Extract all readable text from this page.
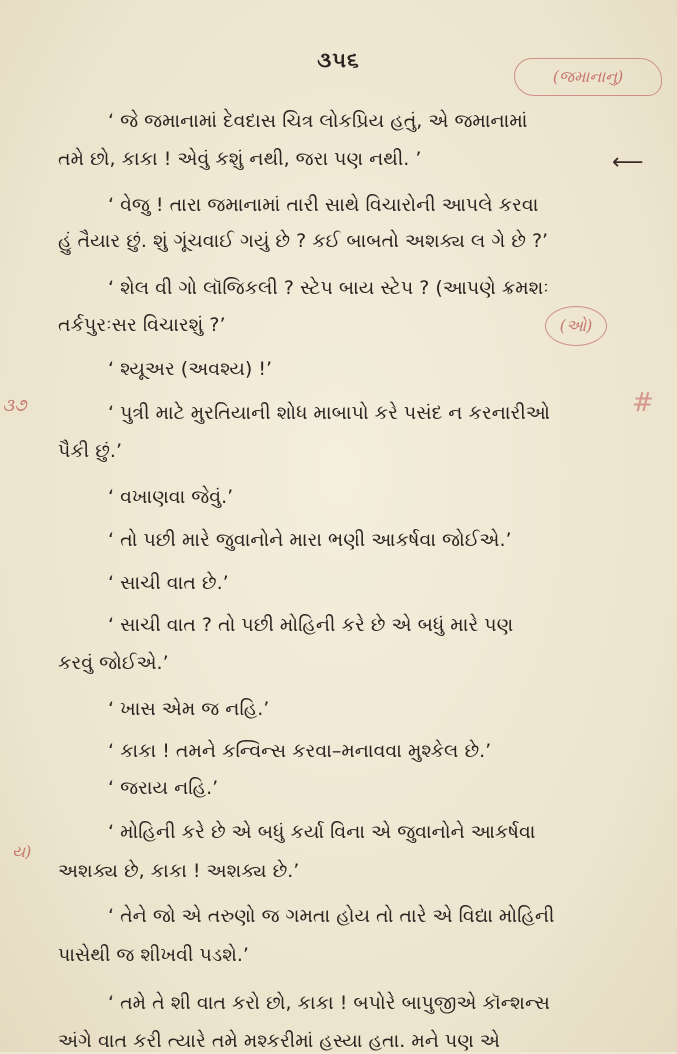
૩૫૬
(જમાનાનુ)
(ઓ)
#
૩૭
ય)
⟵
‘ જે જમાનામાં દેવદાસ ચિત્ર લોકપ્રિય હતું, એ જમાનામાં
તમે છો, કાકા ! એવું કશું નથી, જરા પણ નથી. ’
‘ વેજુ ! તારા જમાનામાં તારી સાથે વિચારોની આપલે કરવા
હું તૈયાર છું. શું ગૂંચવાઈ ગયું છે ? કઈ બાબતો અશક્ય લ ગે છે ?’
‘ શેલ વી ગો લૉજિકલી ? સ્ટેપ બાય સ્ટેપ ? (આપણે ક્રમશઃ
તર્કપુરઃસર વિચારશું ?’
‘ શ્યૂઅર (અવશ્ય) !’
‘ પુત્રી માટે મુરતિયાની શોધ માબાપો કરે પસંદ ન કરનારીઓ
પૈકી છું.’
‘ વખાણવા જેવું.’
‘ તો પછી મારે જુવાનોને મારા ભણી આકર્ષવા જોઈએ.’
‘ સાચી વાત છે.’
‘ સાચી વાત ? તો પછી મોહિની કરે છે એ બધું મારે પણ
કરવું જોઈએ.’
‘ ખાસ એમ જ નહિ.’
‘ કાકા ! તમને કન્વિન્સ કરવા–મનાવવા મુશ્કેલ છે.’
‘ જરાય નહિ.’
‘ મોહિની કરે છે એ બધું કર્યા વિના એ જુવાનોને આકર્ષવા
અશક્ય છે, કાકા ! અશક્ય છે.’
‘ તેને જો એ તરુણો જ ગમતા હોય તો તારે એ વિદ્યા મોહિની
પાસેથી જ શીખવી પડશે.’
‘ તમે તે શી વાત કરો છો, કાકા ! બપોરે બાપુજીએ કૉન્શન્સ
અંગે વાત કરી ત્યારે તમે મશ્કરીમાં હસ્યા હતા. મને પણ એ
